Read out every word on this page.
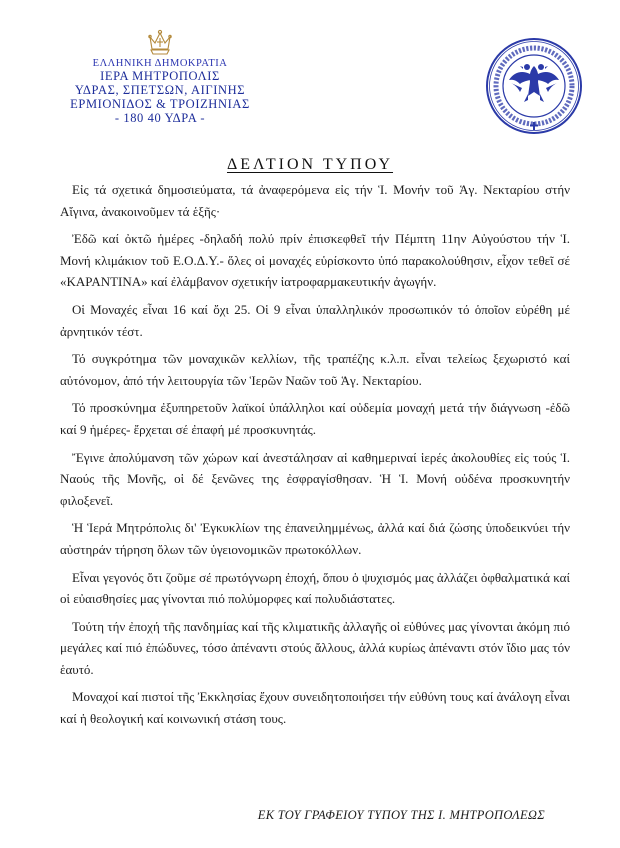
ΕΛΛΗΝΙΚΗ ΔΗΜΟΚΡΑΤΙΑ
ΙΕΡΑ ΜΗΤΡΟΠΟΛΙΣ
ΥΔΡΑΣ, ΣΠΕΤΣΩΝ, ΑΙΓΙΝΗΣ
ΕΡΜΙΟΝΙΔΟΣ & ΤΡΟΙΖΗΝΙΑΣ
- 180 40 ΥΔΡΑ -
ΔΕΛΤΙΟΝ ΤΥΠΟΥ

Εἰς τά σχετικά δημοσιεύματα, τά ἀναφερόμενα εἰς τήν Ἱ. Μονήν τοῦ Ἁγ. Νεκταρίου στήν Αἴγινα, ἀνακοινοῦμεν τά ἑξῆς·

Ἐδῶ καί ὀκτῶ ἡμέρες -δηλαδή πολύ πρίν ἐπισκεφθεῖ τήν Πέμπτη 11ην Αὐγούστου τήν Ἱ. Μονή κλιμάκιον τοῦ Ε.Ο.Δ.Υ.- ὅλες οἱ μοναχές εὑρίσκοντο ὑπό παρακολούθησιν, εἶχον τεθεῖ σέ «ΚΑΡΑΝΤΙΝΑ» καί ἐλάμβανον σχετικήν ἰατροφαρμακευτικήν ἀγωγήν.

Οἱ Μοναχές εἶναι 16 καί ὄχι 25. Οἱ 9 εἶναι ὑπαλληλικόν προσωπικόν τό ὁποῖον εὑρέθη μέ ἀρνητικόν τέστ.

Τό συγκρότημα τῶν μοναχικῶν κελλίων, τῆς τραπέζης κ.λ.π. εἶναι τελείως ξεχωριστό καί αὐτόνομον, ἀπό τήν λειτουργία τῶν Ἱερῶν Ναῶν τοῦ Ἁγ. Νεκταρίου.

Τό προσκύνημα ἐξυπηρετοῦν λαϊκοί ὑπάλληλοι καί οὐδεμία μοναχή μετά τήν διάγνωση -ἐδῶ καί 9 ἡμέρες- ἔρχεται σέ ἐπαφή μέ προσκυνητάς.

Ἔγινε ἀπολύμανση τῶν χώρων καί ἀνεστάλησαν αἱ καθημεριναί ἱερές ἀκολουθίες εἰς τούς Ἱ. Ναούς τῆς Μονῆς, οἱ δέ ξενῶνες της ἐσφραγίσθησαν. Ἡ Ἱ. Μονή οὐδένα προσκυνητήν φιλοξενεῖ.

Ἡ Ἱερά Μητρόπολις δι' Ἐγκυκλίων της ἐπανειλημμένως, ἀλλά καί διά ζώσης ὑποδεικνύει τήν αὐστηράν τήρηση ὅλων τῶν ὑγειονομικῶν πρωτοκόλλων.

Εἶναι γεγονός ὅτι ζοῦμε σέ πρωτόγνωρη ἐποχή, ὅπου ὁ ψυχισμός μας ἀλλάζει ὀφθαλματικά καί οἱ εὐαισθησίες μας γίνονται πιό πολύμορφες καί πολυδιάστατες.

Τούτη τήν ἐποχή τῆς πανδημίας καί τῆς κλιματικῆς ἀλλαγῆς οἱ εὐθύνες μας γίνονται ἀκόμη πιό μεγάλες καί πιό ἐπώδυνες, τόσο ἀπέναντι στούς ἄλλους, ἀλλά κυρίως ἀπέναντι στόν ἴδιο μας τόν ἑαυτό.

Μοναχοί καί πιστοί τῆς Ἐκκλησίας ἔχουν συνειδητοποιήσει τήν εὐθύνη τους καί ἀνάλογη εἶναι καί ἡ θεολογική καί κοινωνική στάση τους.

ΕΚ ΤΟΥ ΓΡΑΦΕΙΟΥ ΤΥΠΟΥ ΤΗΣ Ι. ΜΗΤΡΟΠΟΛΕΩΣ
